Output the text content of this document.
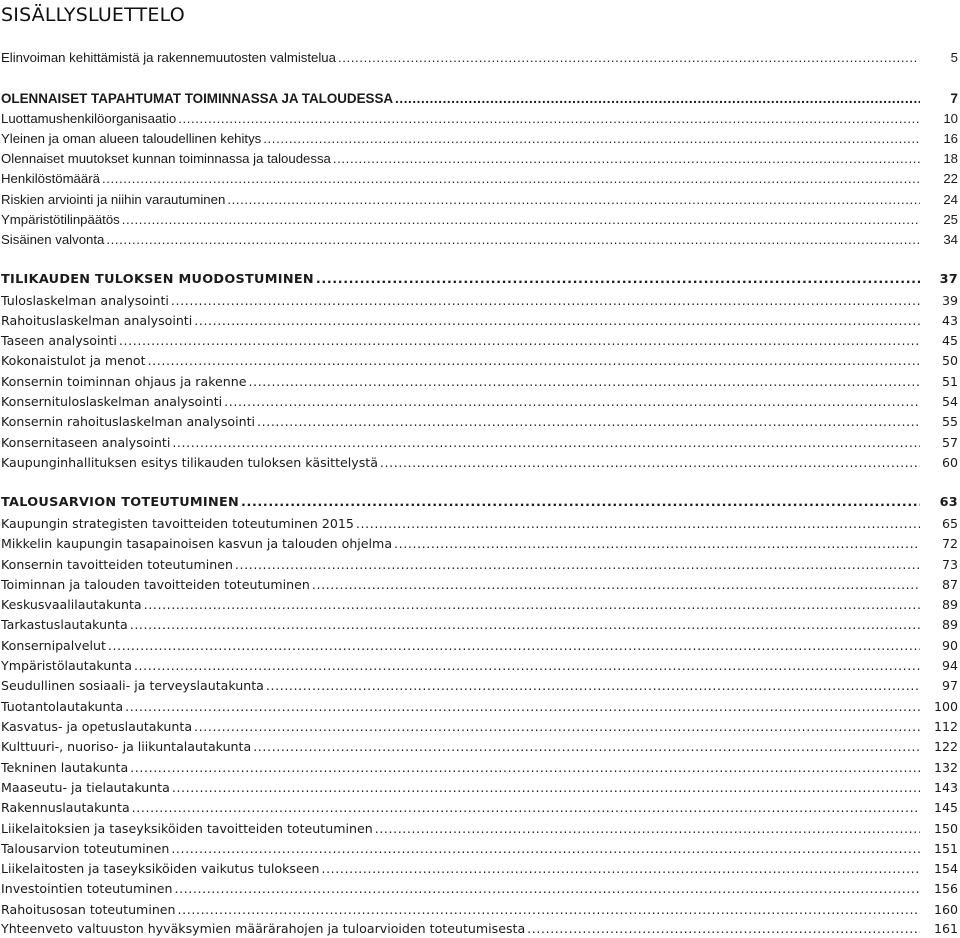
SISÄLLYSLUETTELO
Elinvoiman kehittämistä ja rakennemuutosten valmistelua .....	5
OLENNAISET TAPAHTUMAT TOIMINNASSA JA TALOUDESSA .....	7
Luottamushenkilöorganisaatio .....	10
Yleinen ja oman alueen taloudellinen kehitys .....	16
Olennaiset muutokset kunnan toiminnassa ja taloudessa .....	18
Henkilöstömäärä .....	22
Riskien arviointi ja niihin varautuminen .....	24
Ympäristötilinpäätös .....	25
Sisäinen valvonta .....	34
TILIKAUDEN TULOKSEN MUODOSTUMINEN .....	37
Tuloslaskelman analysointi .....	39
Rahoituslaskelman analysointi .....	43
Taseen analysointi .....	45
Kokonaistulot ja menot .....	50
Konsernin toiminnan ohjaus ja rakenne .....	51
Konsernituloslaskelman analysointi .....	54
Konsernin rahoituslaskelman analysointi .....	55
Konsernitaseen analysointi .....	57
Kaupunginhallituksen esitys tilikauden tuloksen käsittelystä .....	60
TALOUSARVION TOTEUTUMINEN .....	63
Kaupungin strategisten tavoitteiden toteutuminen 2015 .....	65
Mikkelin kaupungin tasapainoisen kasvun ja talouden ohjelma .....	72
Konsernin tavoitteiden toteutuminen .....	73
Toiminnan ja talouden tavoitteiden toteutuminen .....	87
Keskusvaalilautakunta .....	89
Tarkastuslautakunta .....	89
Konsernipalvelut .....	90
Ympäristölautakunta .....	94
Seudullinen sosiaali- ja terveyslautakunta .....	97
Tuotantolautakunta .....	100
Kasvatus- ja opetuslautakunta .....	112
Kulttuuri-, nuoriso- ja liikuntalautakunta .....	122
Tekninen lautakunta .....	132
Maaseutu- ja tielautakunta .....	143
Rakennuslautakunta .....	145
Liikelaitoksien ja taseyksiköiden tavoitteiden toteutuminen .....	150
Talousarvion toteutuminen .....	151
Liikelaitosten ja taseyksiköiden vaikutus tulokseen .....	154
Investointien toteutuminen .....	156
Rahoitusosan toteutuminen .....	160
Yhteenveto valtuuston hyväksymien määrärahojen ja tuloarvioiden toteutumisesta .....	161
